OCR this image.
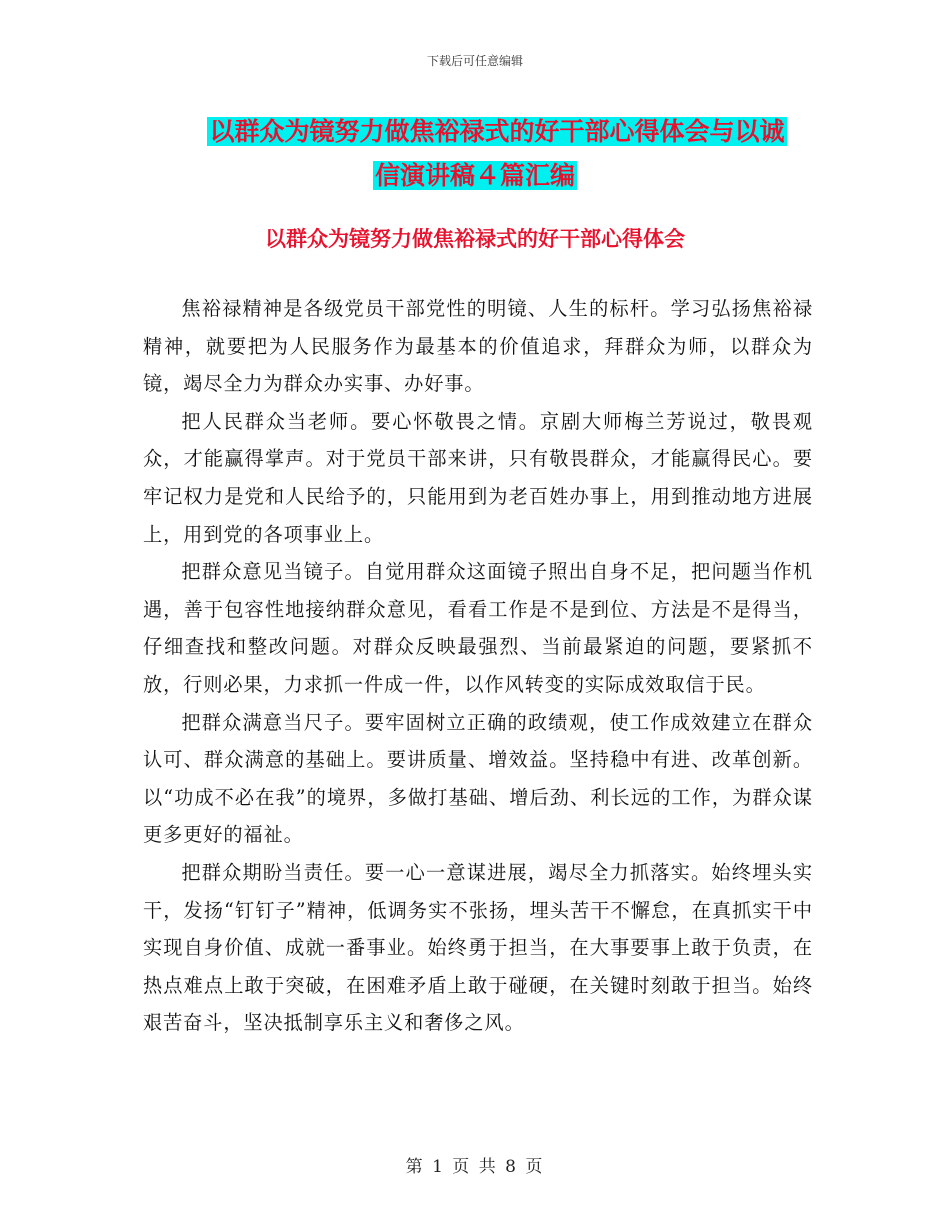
下载后可任意编辑
以群众为镜努力做焦裕禄式的好干部心得体会与以诚
信演讲稿４篇汇编
以群众为镜努力做焦裕禄式的好干部心得体会

焦裕禄精神是各级党员干部党性的明镜、人生的标杆。学习弘扬焦裕禄精神，就要把为人民服务作为最基本的价值追求，拜群众为师，以群众为镜，竭尽全力为群众办实事、办好事。

把人民群众当老师。要心怀敬畏之情。京剧大师梅兰芳说过，敬畏观众，才能赢得掌声。对于党员干部来讲，只有敬畏群众，才能赢得民心。要牢记权力是党和人民给予的，只能用到为老百姓办事上，用到推动地方进展上，用到党的各项事业上。

把群众意见当镜子。自觉用群众这面镜子照出自身不足，把问题当作机遇，善于包容性地接纳群众意见，看看工作是不是到位、方法是不是得当，仔细查找和整改问题。对群众反映最强烈、当前最紧迫的问题，要紧抓不放，行则必果，力求抓一件成一件，以作风转变的实际成效取信于民。

把群众满意当尺子。要牢固树立正确的政绩观，使工作成效建立在群众认可、群众满意的基础上。要讲质量、增效益。坚持稳中有进、改革创新。以“功成不必在我”的境界，多做打基础、增后劲、利长远的工作，为群众谋更多更好的福祉。

把群众期盼当责任。要一心一意谋进展，竭尽全力抓落实。始终埋头实干，发扬“钉钉子”精神，低调务实不张扬，埋头苦干不懈怠，在真抓实干中实现自身价值、成就一番事业。始终勇于担当，在大事要事上敢于负责，在热点难点上敢于突破，在困难矛盾上敢于碰硬，在关键时刻敢于担当。始终艰苦奋斗，坚决抵制享乐主义和奢侈之风。

第 1 页 共 8 页
